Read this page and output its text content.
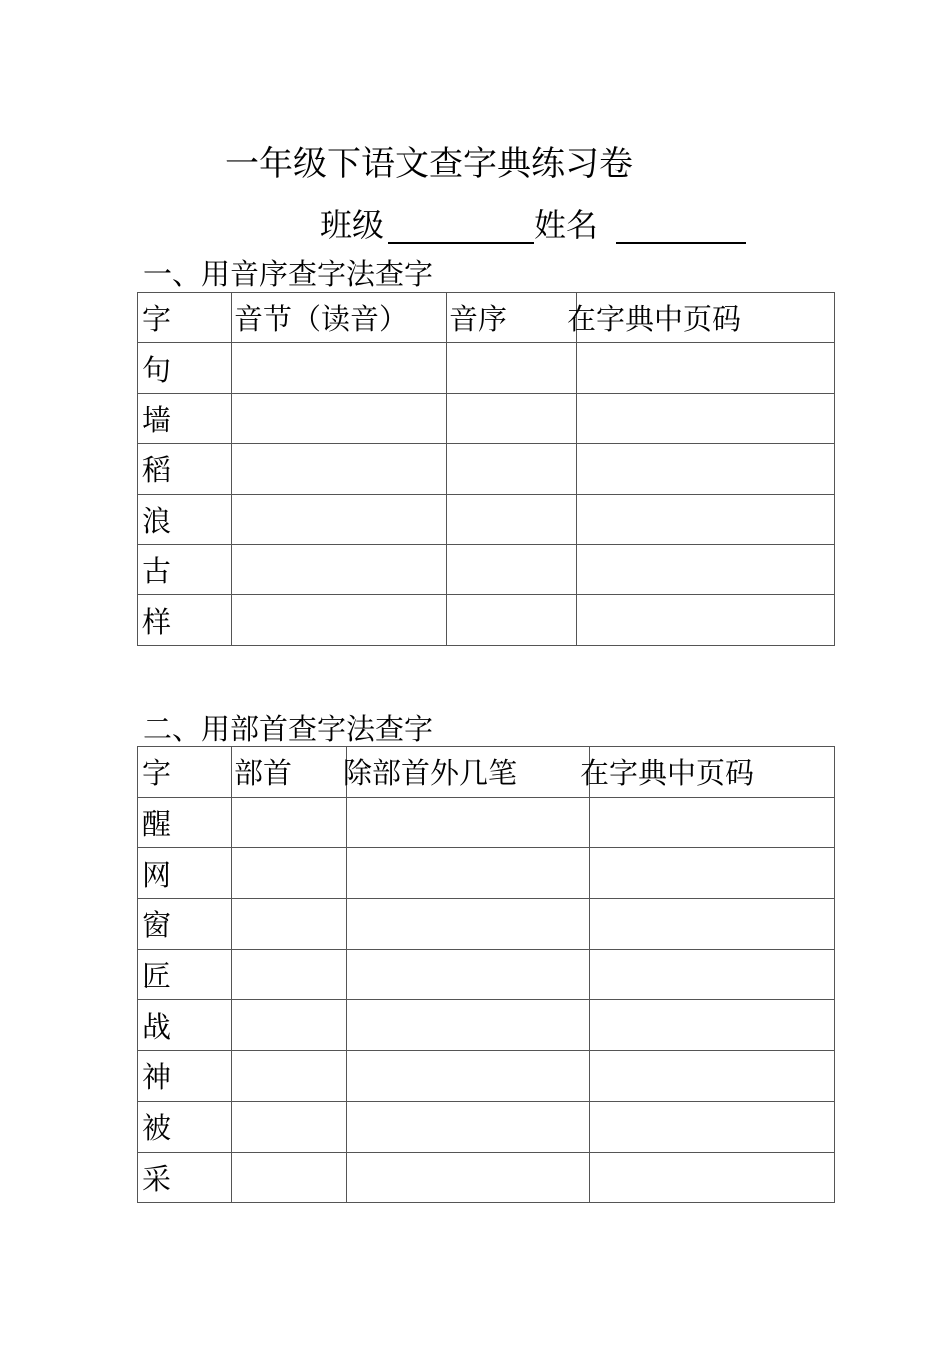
一年级下语文查字典练习卷
班级	姓名
一、用音序查字法查字
字	音节（读音）	音序	在字典中页码
句			
墙			
稻			
浪			
古			
样			
二、用部首查字法查字
字	部首	除部首外几笔	在字典中页码
醒			
网			
窗			
匠			
战			
神			
被			
采			
